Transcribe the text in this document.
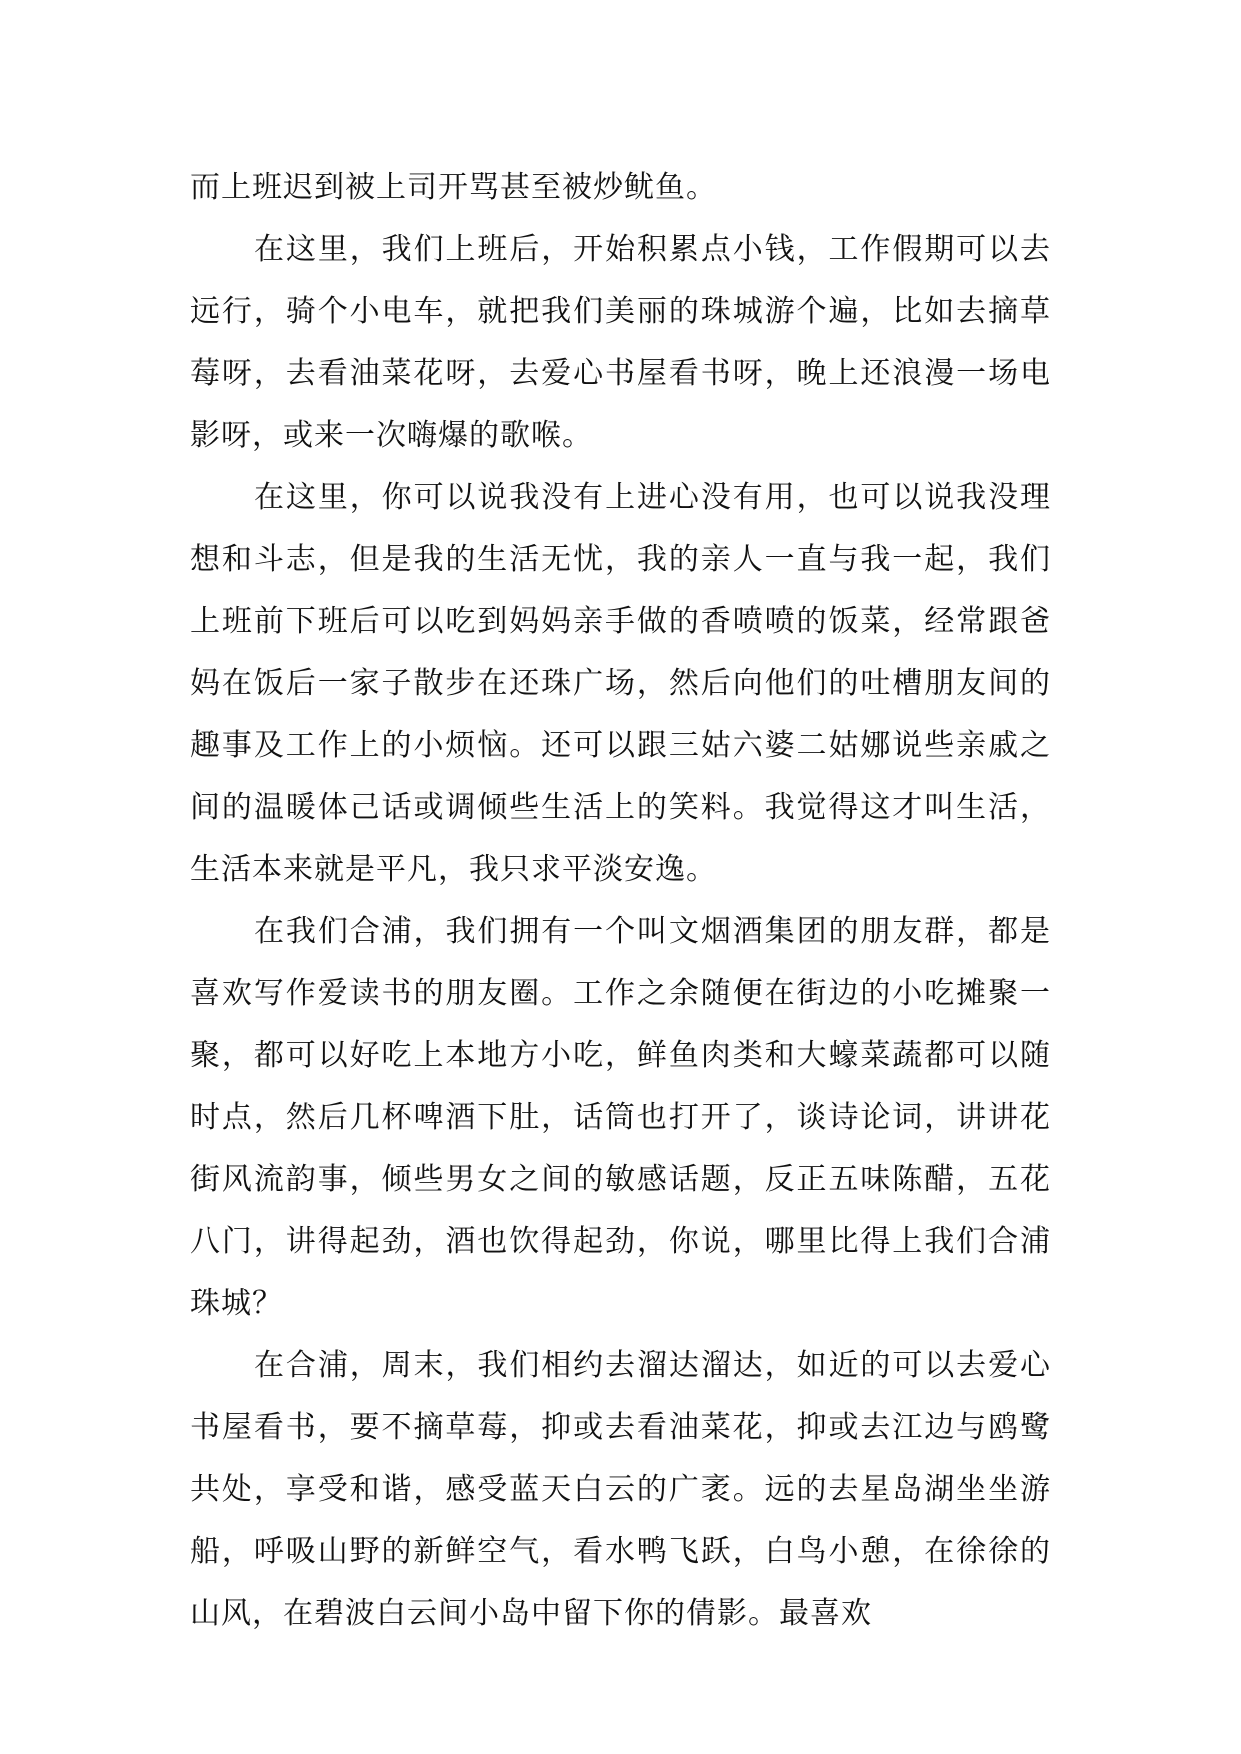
而上班迟到被上司开骂甚至被炒鱿鱼。

在这里，我们上班后，开始积累点小钱，工作假期可以去远行，骑个小电车，就把我们美丽的珠城游个遍，比如去摘草莓呀，去看油菜花呀，去爱心书屋看书呀，晚上还浪漫一场电影呀，或来一次嗨爆的歌喉。

在这里，你可以说我没有上进心没有用，也可以说我没理想和斗志，但是我的生活无忧，我的亲人一直与我一起，我们上班前下班后可以吃到妈妈亲手做的香喷喷的饭菜，经常跟爸妈在饭后一家子散步在还珠广场，然后向他们的吐槽朋友间的趣事及工作上的小烦恼。还可以跟三姑六婆二姑娜说些亲戚之间的温暖体己话或调倾些生活上的笑料。我觉得这才叫生活，生活本来就是平凡，我只求平淡安逸。

在我们合浦，我们拥有一个叫文烟酒集团的朋友群，都是喜欢写作爱读书的朋友圈。工作之余随便在街边的小吃摊聚一聚，都可以好吃上本地方小吃，鲜鱼肉类和大蠔菜蔬都可以随时点，然后几杯啤酒下肚，话筒也打开了，谈诗论词，讲讲花街风流韵事，倾些男女之间的敏感话题，反正五味陈醋，五花八门，讲得起劲，酒也饮得起劲，你说，哪里比得上我们合浦珠城？

在合浦，周末，我们相约去溜达溜达，如近的可以去爱心书屋看书，要不摘草莓，抑或去看油菜花，抑或去江边与鸥鹭共处，享受和谐，感受蓝天白云的广袤。远的去星岛湖坐坐游船，呼吸山野的新鲜空气，看水鸭飞跃，白鸟小憩，在徐徐的山风，在碧波白云间小岛中留下你的倩影。最喜欢
